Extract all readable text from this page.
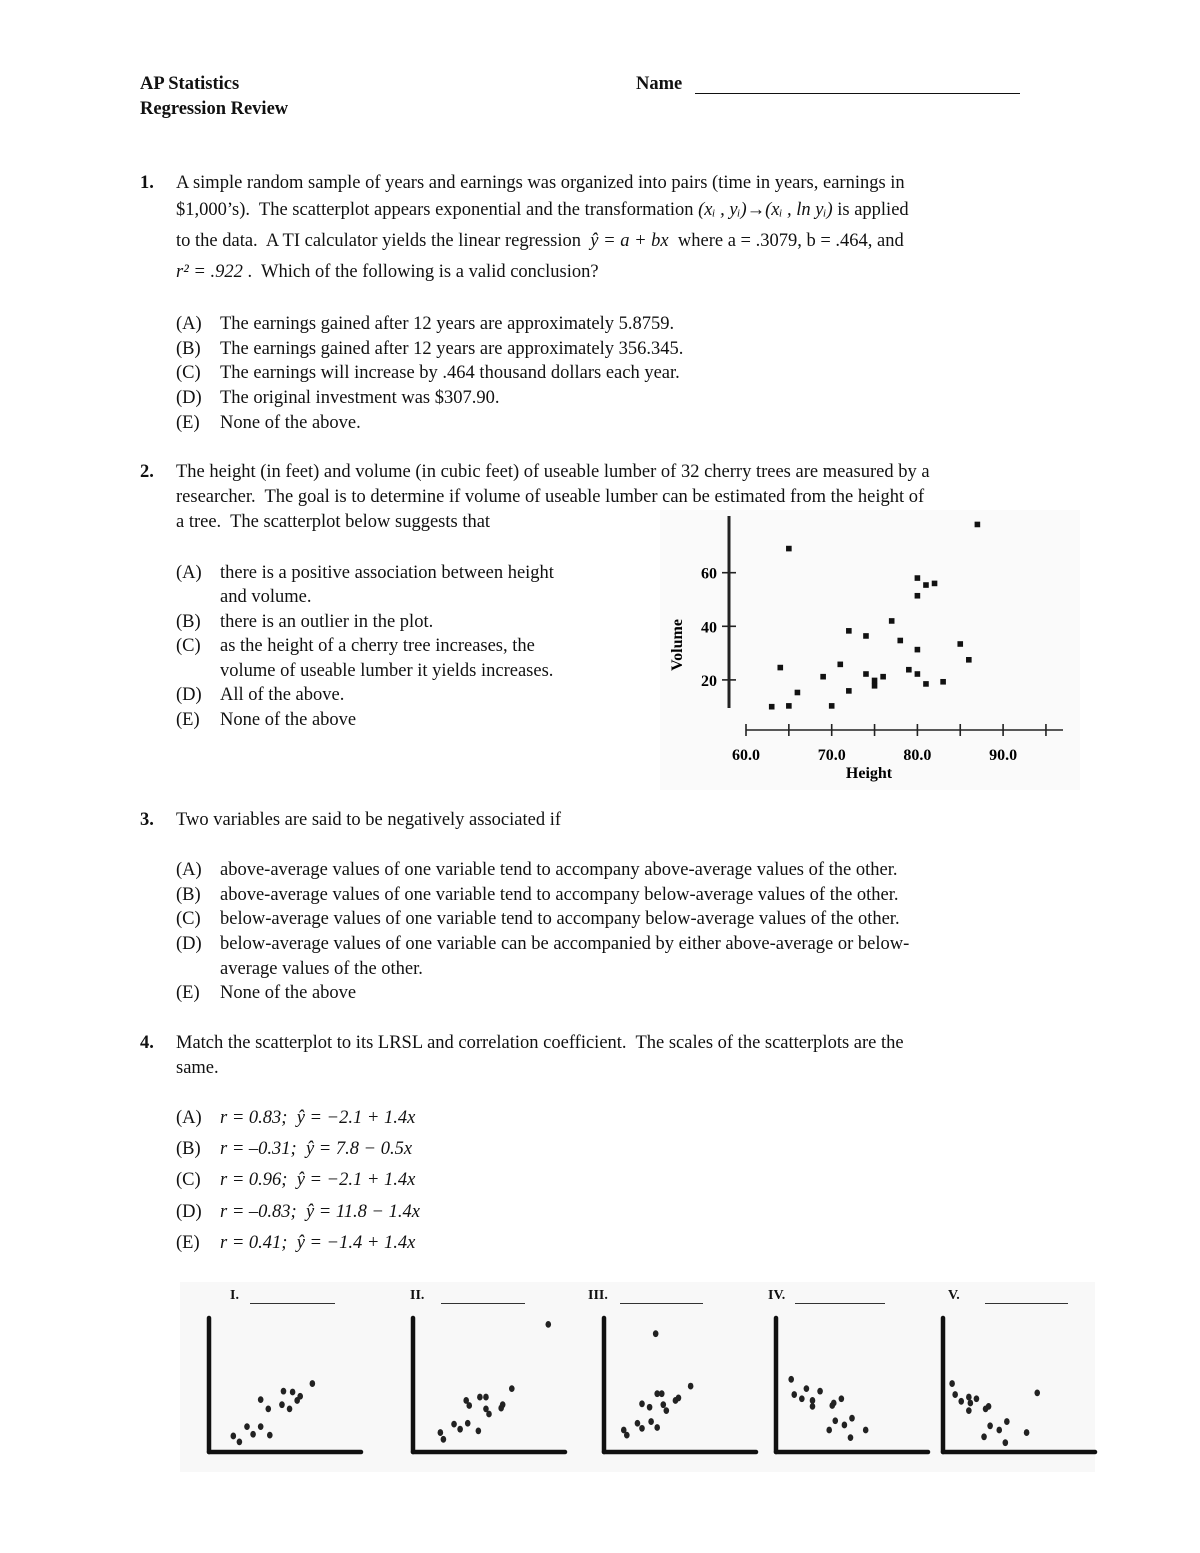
AP Statistics
Regression Review
Name
1. A simple random sample of years and earnings was organized into pairs (time in years, earnings in
$1,000’s).  The scatterplot appears exponential and the transformation (xᵢ , yᵢ)→(xᵢ , ln yᵢ) is applied
to the data.  A TI calculator yields the linear regression  ŷ = a + bx  where a = .3079, b = .464, and
r² = .922 .  Which of the following is a valid conclusion?
(A) The earnings gained after 12 years are approximately 5.8759.
(B) The earnings gained after 12 years are approximately 356.345.
(C) The earnings will increase by .464 thousand dollars each year.
(D) The original investment was $307.90.
(E) None of the above.
2. The height (in feet) and volume (in cubic feet) of useable lumber of 32 cherry trees are measured by a
researcher.  The goal is to determine if volume of useable lumber can be estimated from the height of
a tree.  The scatterplot below suggests that
(A) there is a positive association between height
and volume.
(B) there is an outlier in the plot.
(C) as the height of a cherry tree increases, the
volume of useable lumber it yields increases.
(D) All of the above.
(E) None of the above
60.0	70.0	80.0	90.0
20
40
60
Height
Volume
3. Two variables are said to be negatively associated if
(A) above-average values of one variable tend to accompany above-average values of the other.
(B) above-average values of one variable tend to accompany below-average values of the other.
(C) below-average values of one variable tend to accompany below-average values of the other.
(D) below-average values of one variable can be accompanied by either above-average or below-
average values of the other.
(E) None of the above
4. Match the scatterplot to its LRSL and correlation coefficient.  The scales of the scatterplots are the
same.
(A) r = 0.83;  ŷ = −2.1 + 1.4x
(B) r = –0.31;  ŷ = 7.8 − 0.5x
(C) r = 0.96;  ŷ = −2.1 + 1.4x
(D) r = –0.83;  ŷ = 11.8 − 1.4x
(E) r = 0.41;  ŷ = −1.4 + 1.4x
I.	II.	III.	IV.	V.
